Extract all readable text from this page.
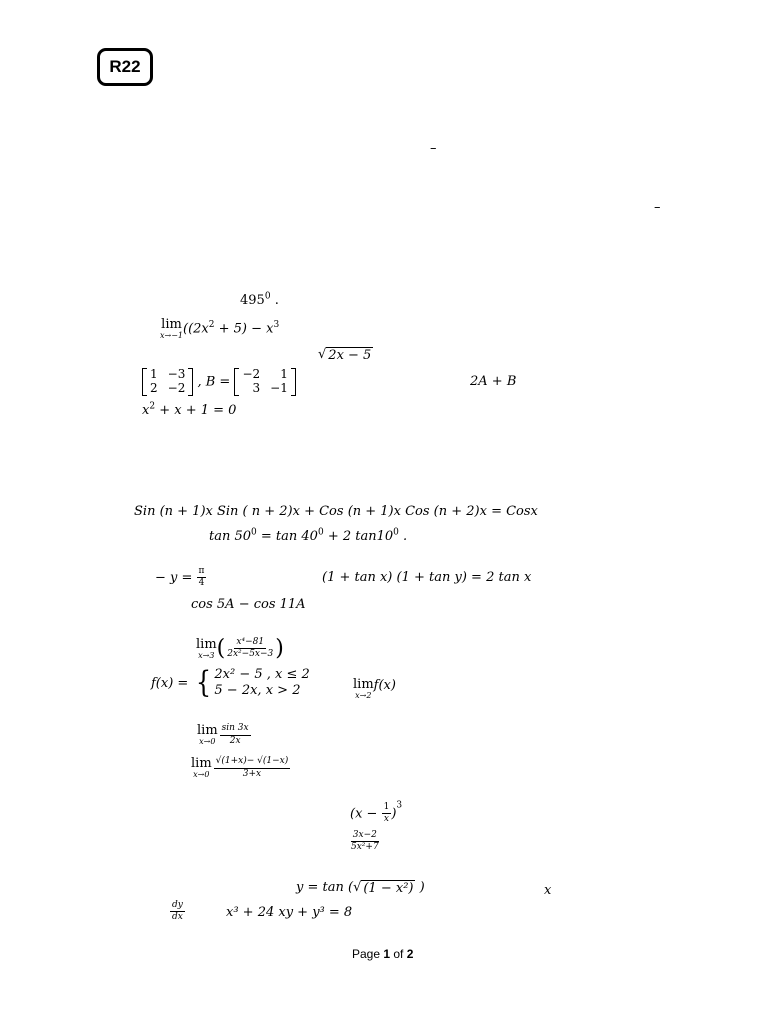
R22
–
–
$495^0$ .
lim
x→−1 ($(2x^2 + 5) - x^3$
√ 2x − 5
1 −3
2 −2 , B =
−2	1
3 −1	2A + B
$x^2 + x + 1 = 0$
Sin (n + 1)x Sin ( n + 2)x + Cos (n + 1)x Cos (n + 2)x = Cosx
$\tan 50^0 = \tan 40^0 + 2$ $\tan 10^0$ .
− $y = \frac{\pi}{4}$	(1 + tan x) (1 + tan y) = 2 tan x
cos 5A − cos 11A
lim
x→3 ( $\frac{\text{x⁴−81}}{\text{2x²−5x−3}}$ )
f(x) = { 2x² − 5 , x ≤ 2
5 − 2x, x > 2	lim
x→2
f(x)
lim
$x\to 0 \frac{\sin 3x}{2x}$
lim
$x\to 0 \frac{√(1+x)- √(1-x)}{3+x}$
$(x - \frac{1}{x} )^3$
$\frac{3x-2}{\text{5x²+7}}$
y = tan ( √ (1 − x²) )	x
$\frac{dy}{dx}$	x³ + 24 xy + y³ = 8
Page 1 of 2
